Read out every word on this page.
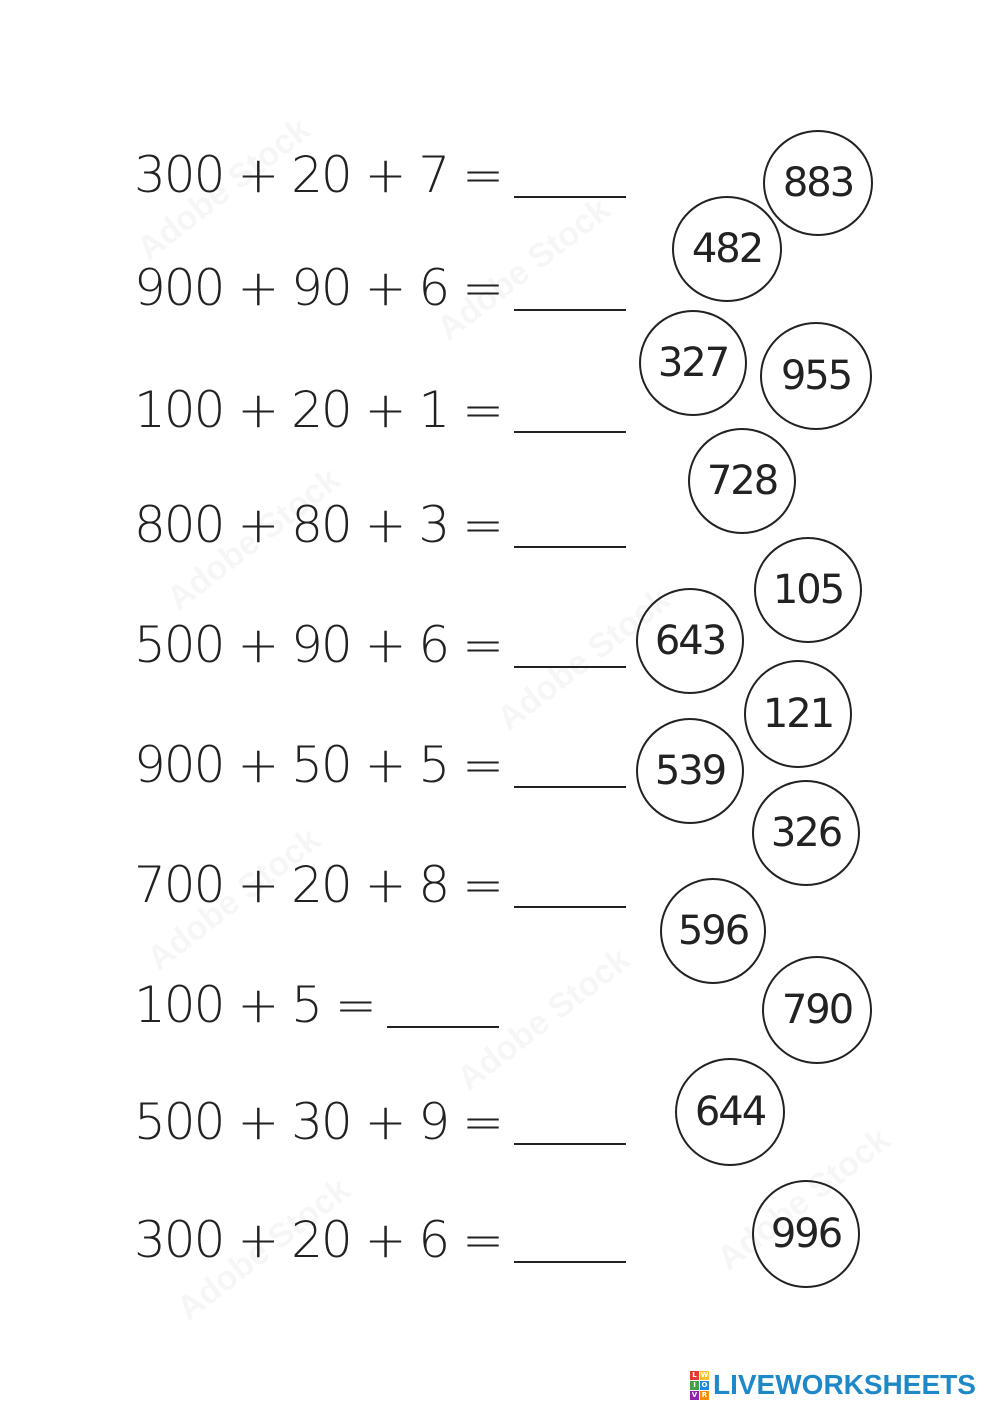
300 + 20 + 7 =
900 + 90 + 6 =
100 + 20 + 1 =
800 + 80 + 3 =
500 + 90 + 6 =
900 + 50 + 5 =
700 + 20 + 8 =
100 + 5 =
500 + 30 + 9 =
300 + 20 + 6 =
883
482
327	955
728
105
643
121
539
326
596
790
644
996
L W
I O
V R LIVEWORKSHEETS
